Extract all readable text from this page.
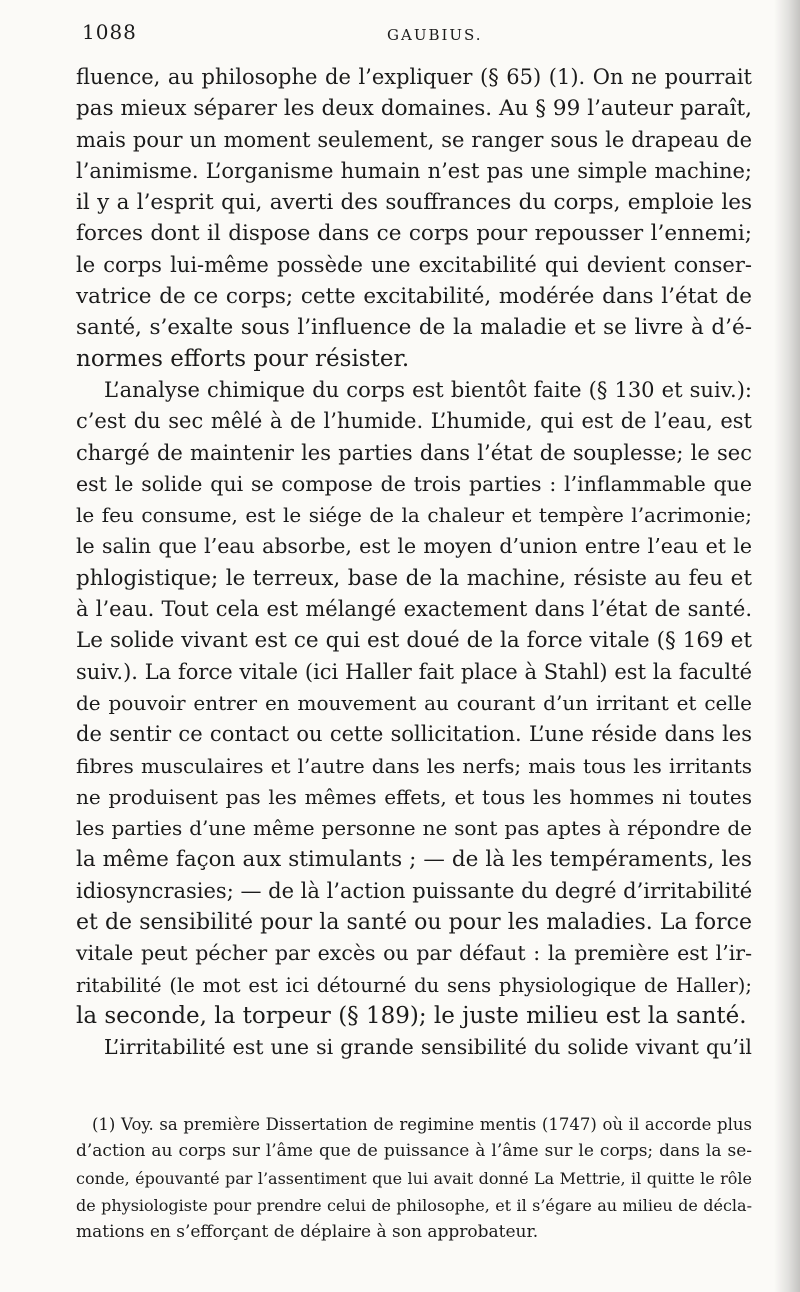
1088	GAUBIUS.
fluence, au philosophe de l’expliquer (§ 65) (1). On ne pourrait
pas mieux séparer les deux domaines. Au § 99 l’auteur paraît,
mais pour un moment seulement, se ranger sous le drapeau de
l’animisme. L’organisme humain n’est pas une simple machine;
il y a l’esprit qui, averti des souffrances du corps, emploie les
forces dont il dispose dans ce corps pour repousser l’ennemi;
le corps lui-même possède une excitabilité qui devient conser-
vatrice de ce corps; cette excitabilité, modérée dans l’état de
santé, s’exalte sous l’influence de la maladie et se livre à d’é-
normes efforts pour résister.
L’analyse chimique du corps est bientôt faite (§ 130 et suiv.):
c’est du sec mêlé à de l’humide. L’humide, qui est de l’eau, est
chargé de maintenir les parties dans l’état de souplesse; le sec
est le solide qui se compose de trois parties : l’inflammable que
le feu consume, est le siége de la chaleur et tempère l’acrimonie;
le salin que l’eau absorbe, est le moyen d’union entre l’eau et le
phlogistique; le terreux, base de la machine, résiste au feu et
à l’eau. Tout cela est mélangé exactement dans l’état de santé.
Le solide vivant est ce qui est doué de la force vitale (§ 169 et
suiv.). La force vitale (ici Haller fait place à Stahl) est la faculté
de pouvoir entrer en mouvement au courant d’un irritant et celle
de sentir ce contact ou cette sollicitation. L’une réside dans les
fibres musculaires et l’autre dans les nerfs; mais tous les irritants
ne produisent pas les mêmes effets, et tous les hommes ni toutes
les parties d’une même personne ne sont pas aptes à répondre de
la même façon aux stimulants ; — de là les tempéraments, les
idiosyncrasies; — de là l’action puissante du degré d’irritabilité
et de sensibilité pour la santé ou pour les maladies. La force
vitale peut pécher par excès ou par défaut : la première est l’ir-
ritabilité (le mot est ici détourné du sens physiologique de Haller);
la seconde, la torpeur (§ 189); le juste milieu est la santé.
L’irritabilité est une si grande sensibilité du solide vivant qu’il
(1) Voy. sa première Dissertation de regimine mentis (1747) où il accorde plus
d’action au corps sur l’âme que de puissance à l’âme sur le corps; dans la se-
conde, épouvanté par l’assentiment que lui avait donné La Mettrie, il quitte le rôle
de physiologiste pour prendre celui de philosophe, et il s’égare au milieu de décla-
mations en s’efforçant de déplaire à son approbateur.
